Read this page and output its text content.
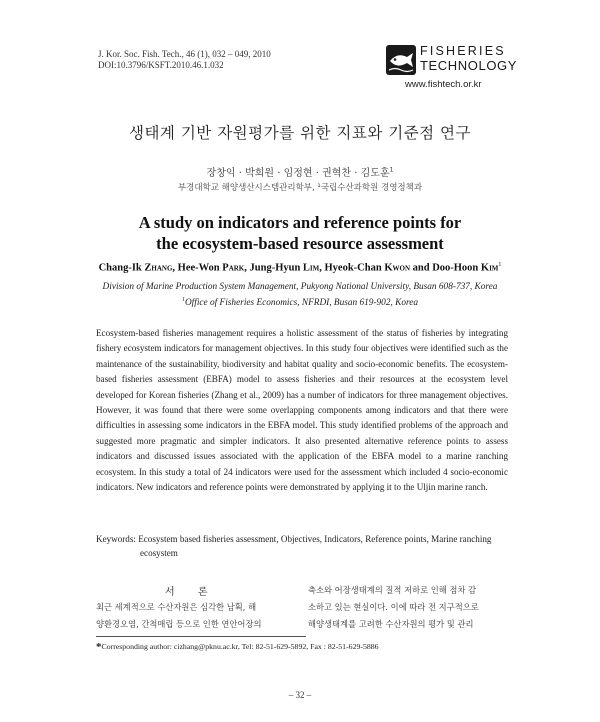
J. Kor. Soc. Fish. Tech., 46 (1), 032 – 049, 2010
DOI:10.3796/KSFT.2010.46.1.032
FISHERIES
TECHNOLOGY
www.fishtech.or.kr
생태계 기반 자원평가를 위한 지표와 기준점 연구
장창익 · 박희원 · 임정현 · 권혁찬 · 김도훈$^1$
부경대학교 해양생산시스템관리학부, ¹국립수산과학원 경영정책과
A study on indicators and reference points for
the ecosystem-based resource assessment
Chang-Ik Zhang, Hee-Won Park, Jung-Hyun Lim, Hyeok-Chan Kwon and Doo-Hoon Kim$^1$
Division of Marine Production System Management, Pukyong National University, Busan 608-737, Korea
$^1$Office of Fisheries Economics, NFRDI, Busan 619-902, Korea
Ecosystem-based fisheries management requires a holistic assessment of the status of fisheries by integrating fishery ecosystem indicators for management objectives. In this study four objectives were identified such as the maintenance of the sustainability, biodiversity and habitat quality and socio-economic benefits. The ecosystem-based fisheries assessment (EBFA) model to assess fisheries and their resources at the ecosystem level developed for Korean fisheries (Zhang et al., 2009) has a number of indicators for three management objectives. However, it was found that there were some overlapping components among indicators and that there were difficulties in assessing some indicators in the EBFA model. This study identified problems of the approach and suggested more pragmatic and simpler indicators. It also presented alternative reference points to assess indicators and discussed issues associated with the application of the EBFA model to a marine ranching ecosystem. In this study a total of 24 indicators were used for the assessment which included 4 socio-economic indicators. New indicators and reference points were demonstrated by applying it to the Uljin marine ranch.
Keywords: Ecosystem based fisheries assessment, Objectives, Indicators, Reference points, Marine ranching
ecosystem
서 론

최근 세계적으로 수산자원은 심각한 남획, 해

양환경오염, 간척매립 등으로 인한 연안어장의

축소와 어장생태계의 질적 저하로 인해 점차 감

소하고 있는 현실이다. 이에 따라 전 지구적으로

해양생태계를 고려한 수산자원의 평가 및 관리

*Corresponding author: cizhang@pknu.ac.kr, Tel: 82-51-629-5892, Fax : 82-51-629-5886
– 32 –
